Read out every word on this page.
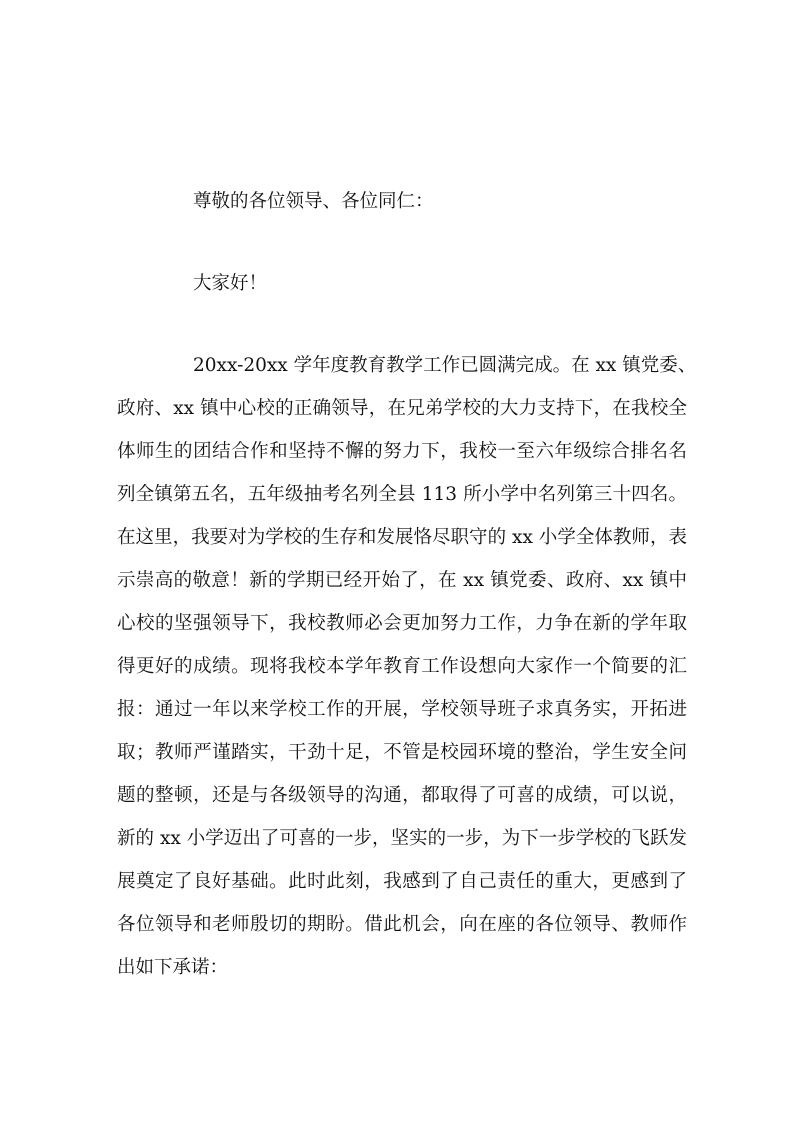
尊敬的各位领导、各位同仁：
大家好！
20xx-20xx 学年度教育教学工作已圆满完成。在 xx 镇党委、
政府、xx 镇中心校的正确领导，在兄弟学校的大力支持下，在我校全
体师生的团结合作和坚持不懈的努力下，我校一至六年级综合排名名
列全镇第五名，五年级抽考名列全县 113 所小学中名列第三十四名。
在这里，我要对为学校的生存和发展恪尽职守的 xx 小学全体教师，表
示崇高的敬意！新的学期已经开始了，在 xx 镇党委、政府、xx 镇中
心校的坚强领导下，我校教师必会更加努力工作，力争在新的学年取
得更好的成绩。现将我校本学年教育工作设想向大家作一个简要的汇
报：通过一年以来学校工作的开展，学校领导班子求真务实，开拓进
取；教师严谨踏实，干劲十足，不管是校园环境的整治，学生安全问
题的整顿，还是与各级领导的沟通，都取得了可喜的成绩，可以说，
新的 xx 小学迈出了可喜的一步，坚实的一步，为下一步学校的飞跃发
展奠定了良好基础。此时此刻，我感到了自己责任的重大，更感到了
各位领导和老师殷切的期盼。借此机会，向在座的各位领导、教师作
出如下承诺：
